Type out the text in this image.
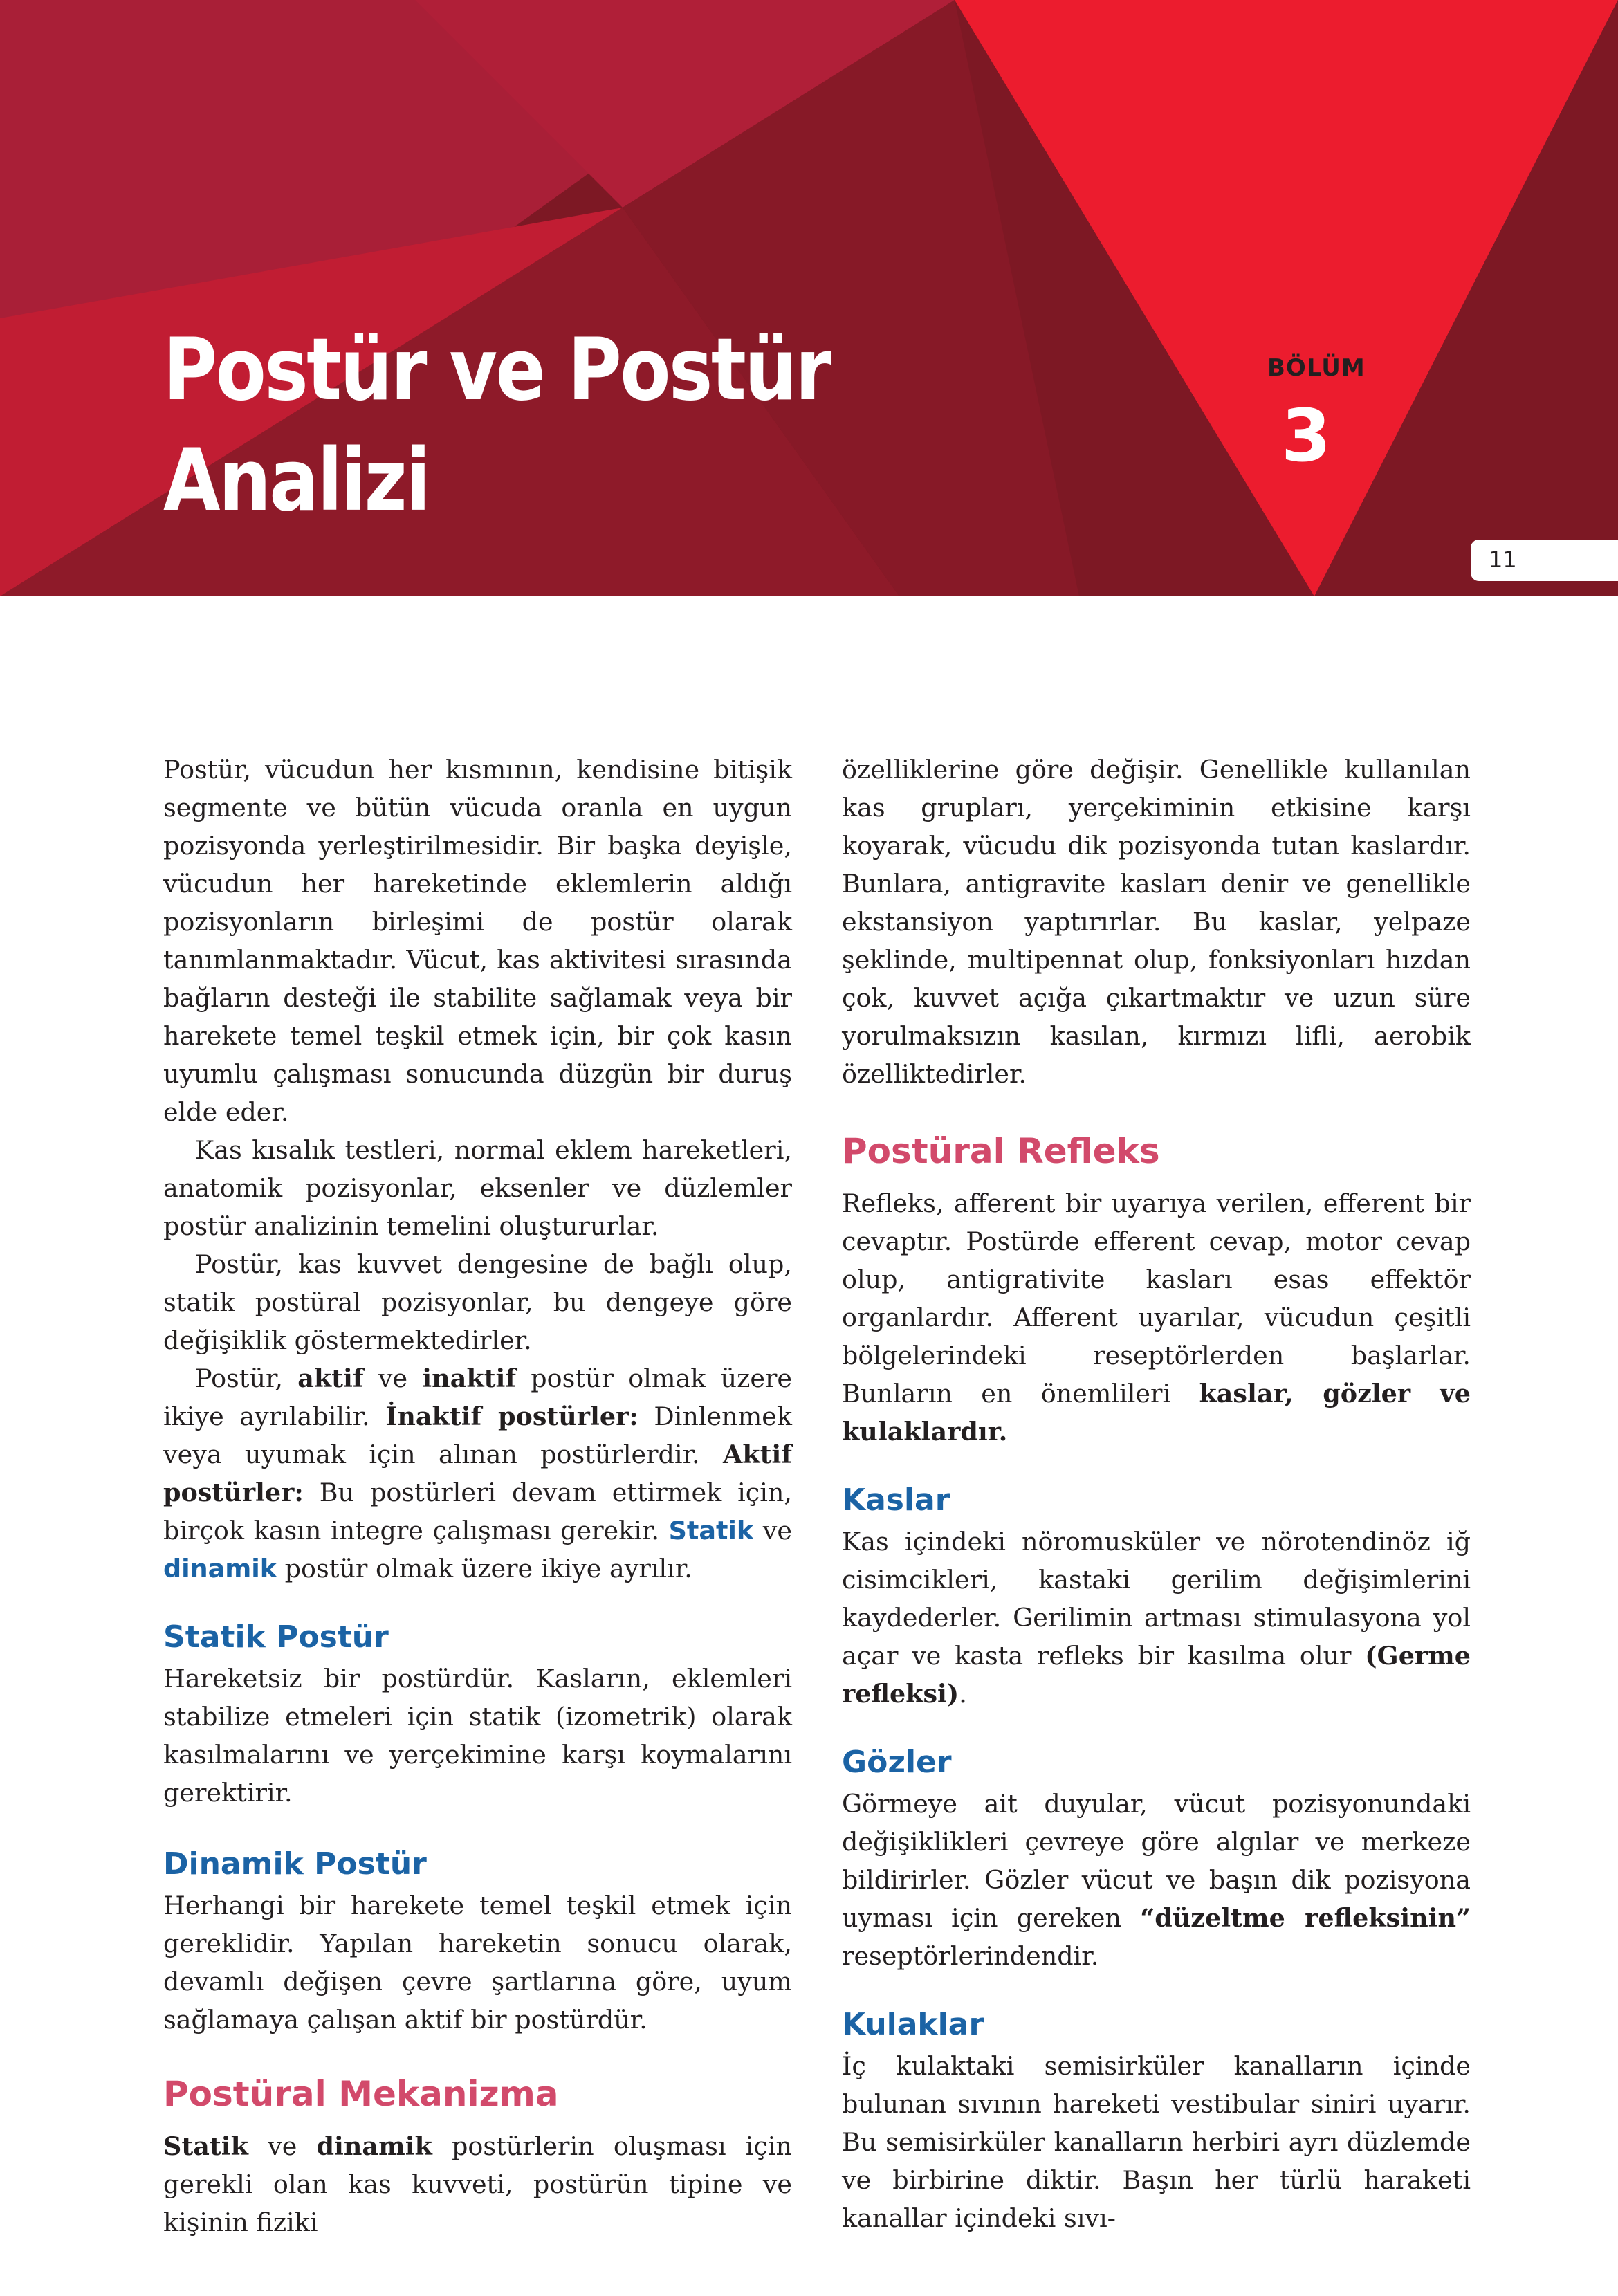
Postür ve Postür
Analizi
BÖLÜM
3
11

Postür, vücudun her kısmının, kendisine bitişik segmente ve bütün vücuda oranla en uygun pozisyonda yerleştirilmesidir. Bir başka deyişle, vücudun her hareketinde eklemlerin aldığı pozisyonların birleşimi de postür olarak tanımlanmaktadır. Vücut, kas aktivitesi sırasında bağların desteği ile stabilite sağlamak veya bir harekete temel teşkil etmek için, bir çok kasın uyumlu çalışması sonucunda düzgün bir duruş elde eder.

Kas kısalık testleri, normal eklem hareketleri, anatomik pozisyonlar, eksenler ve düzlemler postür analizinin temelini oluştururlar.

Postür, kas kuvvet dengesine de bağlı olup, statik postüral pozisyonlar, bu dengeye göre değişiklik göstermektedirler.

Postür, aktif ve inaktif postür olmak üzere ikiye ayrılabilir. İnaktif postürler: Dinlenmek veya uyumak için alınan postürlerdir. Aktif postürler: Bu postürleri devam ettirmek için, birçok kasın integre çalışması gerekir. Statik ve dinamik postür olmak üzere ikiye ayrılır.

Statik Postür

Hareketsiz bir postürdür. Kasların, eklemleri stabilize etmeleri için statik (izometrik) olarak kasılmalarını ve yerçekimine karşı koymalarını gerektirir.

Dinamik Postür

Herhangi bir harekete temel teşkil etmek için gereklidir. Yapılan hareketin sonucu olarak, devamlı değişen çevre şartlarına göre, uyum sağlamaya çalışan aktif bir postürdür.

Postüral Mekanizma

Statik ve dinamik postürlerin oluşması için gerekli olan kas kuvveti, postürün tipine ve kişinin fiziki

özelliklerine göre değişir. Genellikle kullanılan kas grupları, yerçekiminin etkisine karşı koyarak, vücudu dik pozisyonda tutan kaslardır. Bunlara, antigravite kasları denir ve genellikle ekstansiyon yaptırırlar. Bu kaslar, yelpaze şeklinde, multipennat olup, fonksiyonları hızdan çok, kuvvet açığa çıkartmaktır ve uzun süre yorulmaksızın kasılan, kırmızı lifli, aerobik özelliktedirler.

Postüral Refleks

Refleks, afferent bir uyarıya verilen, efferent bir cevaptır. Postürde efferent cevap, motor cevap olup, antigrativite kasları esas effektör organlardır. Afferent uyarılar, vücudun çeşitli bölgelerindeki reseptörlerden başlarlar. Bunların en önemlileri kaslar, gözler ve kulaklardır.

Kaslar

Kas içindeki nöromusküler ve nörotendinöz iğ cisimcikleri, kastaki gerilim değişimlerini kaydederler. Gerilimin artması stimulasyona yol açar ve kasta refleks bir kasılma olur (Germe refleksi).

Gözler

Görmeye ait duyular, vücut pozisyonundaki değişiklikleri çevreye göre algılar ve merkeze bildirirler. Gözler vücut ve başın dik pozisyona uyması için gereken “düzeltme refleksinin” reseptörlerindendir.

Kulaklar

İç kulaktaki semisirküler kanalların içinde bulunan sıvının hareketi vestibular siniri uyarır. Bu semisirküler kanalların herbiri ayrı düzlemde ve birbirine diktir. Başın her türlü haraketi kanallar içindeki sıvı-
